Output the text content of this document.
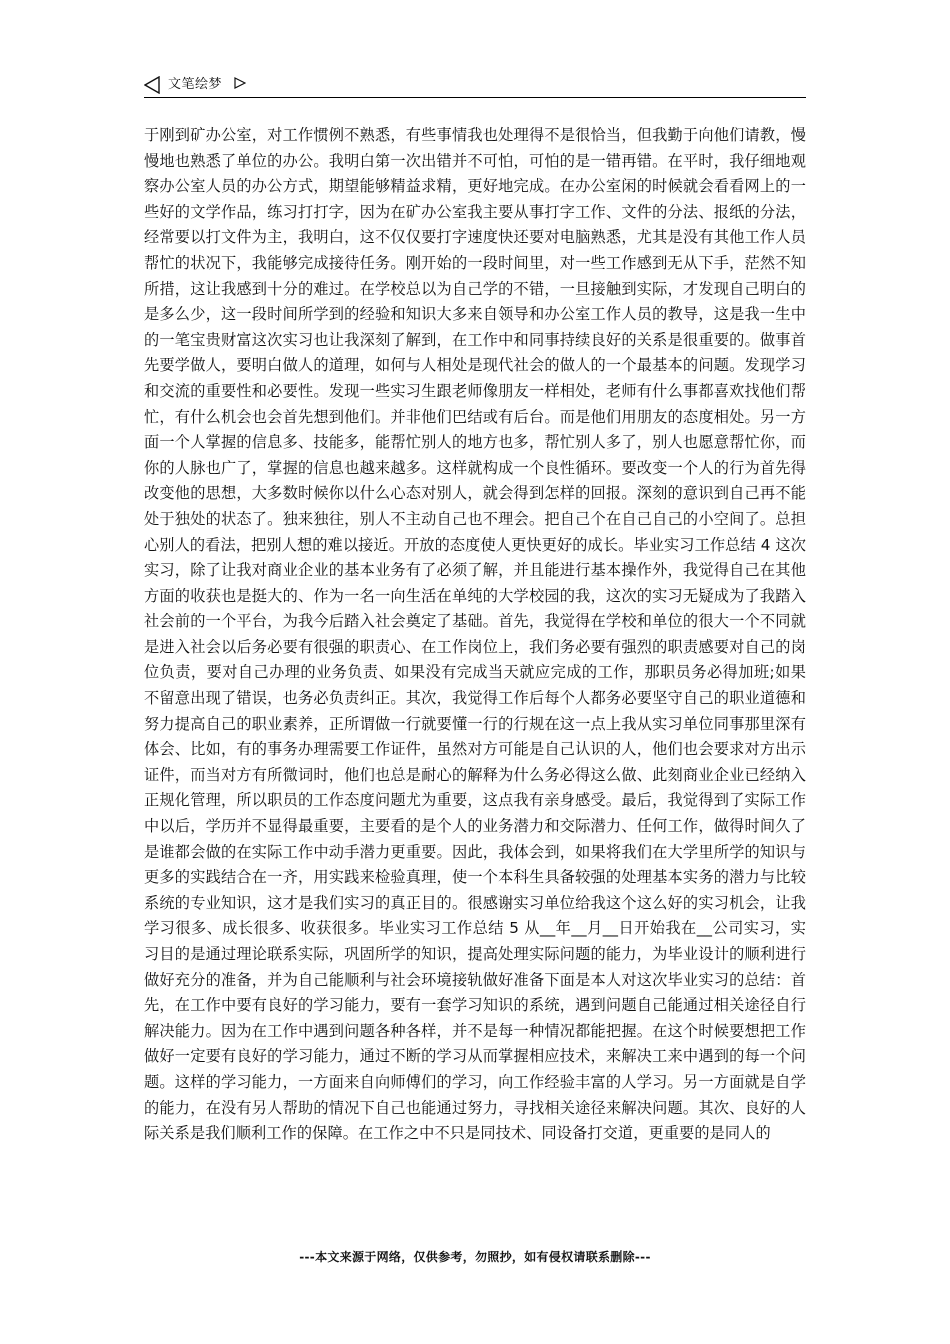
文笔绘梦

于刚到矿办公室，对工作惯例不熟悉，有些事情我也处理得不是很恰当，但我勤于向他们请教，慢慢地也熟悉了单位的办公。我明白第一次出错并不可怕，可怕的是一错再错。在平时，我仔细地观察办公室人员的办公方式，期望能够精益求精，更好地完成。在办公室闲的时候就会看看网上的一些好的文学作品，练习打打字，因为在矿办公室我主要从事打字工作、文件的分法、报纸的分法，经常要以打文件为主，我明白，这不仅仅要打字速度快还要对电脑熟悉，尤其是没有其他工作人员帮忙的状况下，我能够完成接待任务。刚开始的一段时间里，对一些工作感到无从下手，茫然不知所措，这让我感到十分的难过。在学校总以为自己学的不错，一旦接触到实际，才发现自己明白的是多么少，这一段时间所学到的经验和知识大多来自领导和办公室工作人员的教导，这是我一生中的一笔宝贵财富这次实习也让我深刻了解到，在工作中和同事持续良好的关系是很重要的。做事首先要学做人，要明白做人的道理，如何与人相处是现代社会的做人的一个最基本的问题。发现学习和交流的重要性和必要性。发现一些实习生跟老师像朋友一样相处，老师有什么事都喜欢找他们帮忙，有什么机会也会首先想到他们。并非他们巴结或有后台。而是他们用朋友的态度相处。另一方面一个人掌握的信息多、技能多，能帮忙别人的地方也多，帮忙别人多了，别人也愿意帮忙你，而你的人脉也广了，掌握的信息也越来越多。这样就构成一个良性循环。要改变一个人的行为首先得改变他的思想，大多数时候你以什么心态对别人，就会得到怎样的回报。深刻的意识到自己再不能处于独处的状态了。独来独往，别人不主动自己也不理会。把自己个在自己自己的小空间了。总担心别人的看法，把别人想的难以接近。开放的态度使人更快更好的成长。毕业实习工作总结 4 这次实习，除了让我对商业企业的基本业务有了必须了解，并且能进行基本操作外，我觉得自己在其他方面的收获也是挺大的、作为一名一向生活在单纯的大学校园的我，这次的实习无疑成为了我踏入社会前的一个平台，为我今后踏入社会奠定了基础。首先，我觉得在学校和单位的很大一个不同就是进入社会以后务必要有很强的职责心、在工作岗位上，我们务必要有强烈的职责感要对自己的岗位负责，要对自己办理的业务负责、如果没有完成当天就应完成的工作，那职员务必得加班;如果不留意出现了错误，也务必负责纠正。其次，我觉得工作后每个人都务必要坚守自己的职业道德和努力提高自己的职业素养，正所谓做一行就要懂一行的行规在这一点上我从实习单位同事那里深有体会、比如，有的事务办理需要工作证件，虽然对方可能是自己认识的人，他们也会要求对方出示证件，而当对方有所微词时，他们也总是耐心的解释为什么务必得这么做、此刻商业企业已经纳入正规化管理，所以职员的工作态度问题尤为重要，这点我有亲身感受。最后，我觉得到了实际工作中以后，学历并不显得最重要，主要看的是个人的业务潜力和交际潜力、任何工作，做得时间久了是谁都会做的在实际工作中动手潜力更重要。因此，我体会到，如果将我们在大学里所学的知识与更多的实践结合在一齐，用实践来检验真理，使一个本科生具备较强的处理基本实务的潜力与比较系统的专业知识，这才是我们实习的真正目的。很感谢实习单位给我这个这么好的实习机会，让我学习很多、成长很多、收获很多。毕业实习工作总结 5 从__年__月__日开始我在__公司实习，实习目的是通过理论联系实际，巩固所学的知识，提高处理实际问题的能力，为毕业设计的顺利进行做好充分的准备，并为自己能顺利与社会环境接轨做好准备下面是本人对这次毕业实习的总结：首先，在工作中要有良好的学习能力，要有一套学习知识的系统，遇到问题自己能通过相关途径自行解决能力。因为在工作中遇到问题各种各样，并不是每一种情况都能把握。在这个时候要想把工作做好一定要有良好的学习能力，通过不断的学习从而掌握相应技术，来解决工来中遇到的每一个问题。这样的学习能力，一方面来自向师傅们的学习，向工作经验丰富的人学习。另一方面就是自学的能力，在没有另人帮助的情况下自己也能通过努力，寻找相关途径来解决问题。其次、良好的人际关系是我们顺利工作的保障。在工作之中不只是同技术、同设备打交道，更重要的是同人的

---本文来源于网络，仅供参考，勿照抄，如有侵权请联系删除---
